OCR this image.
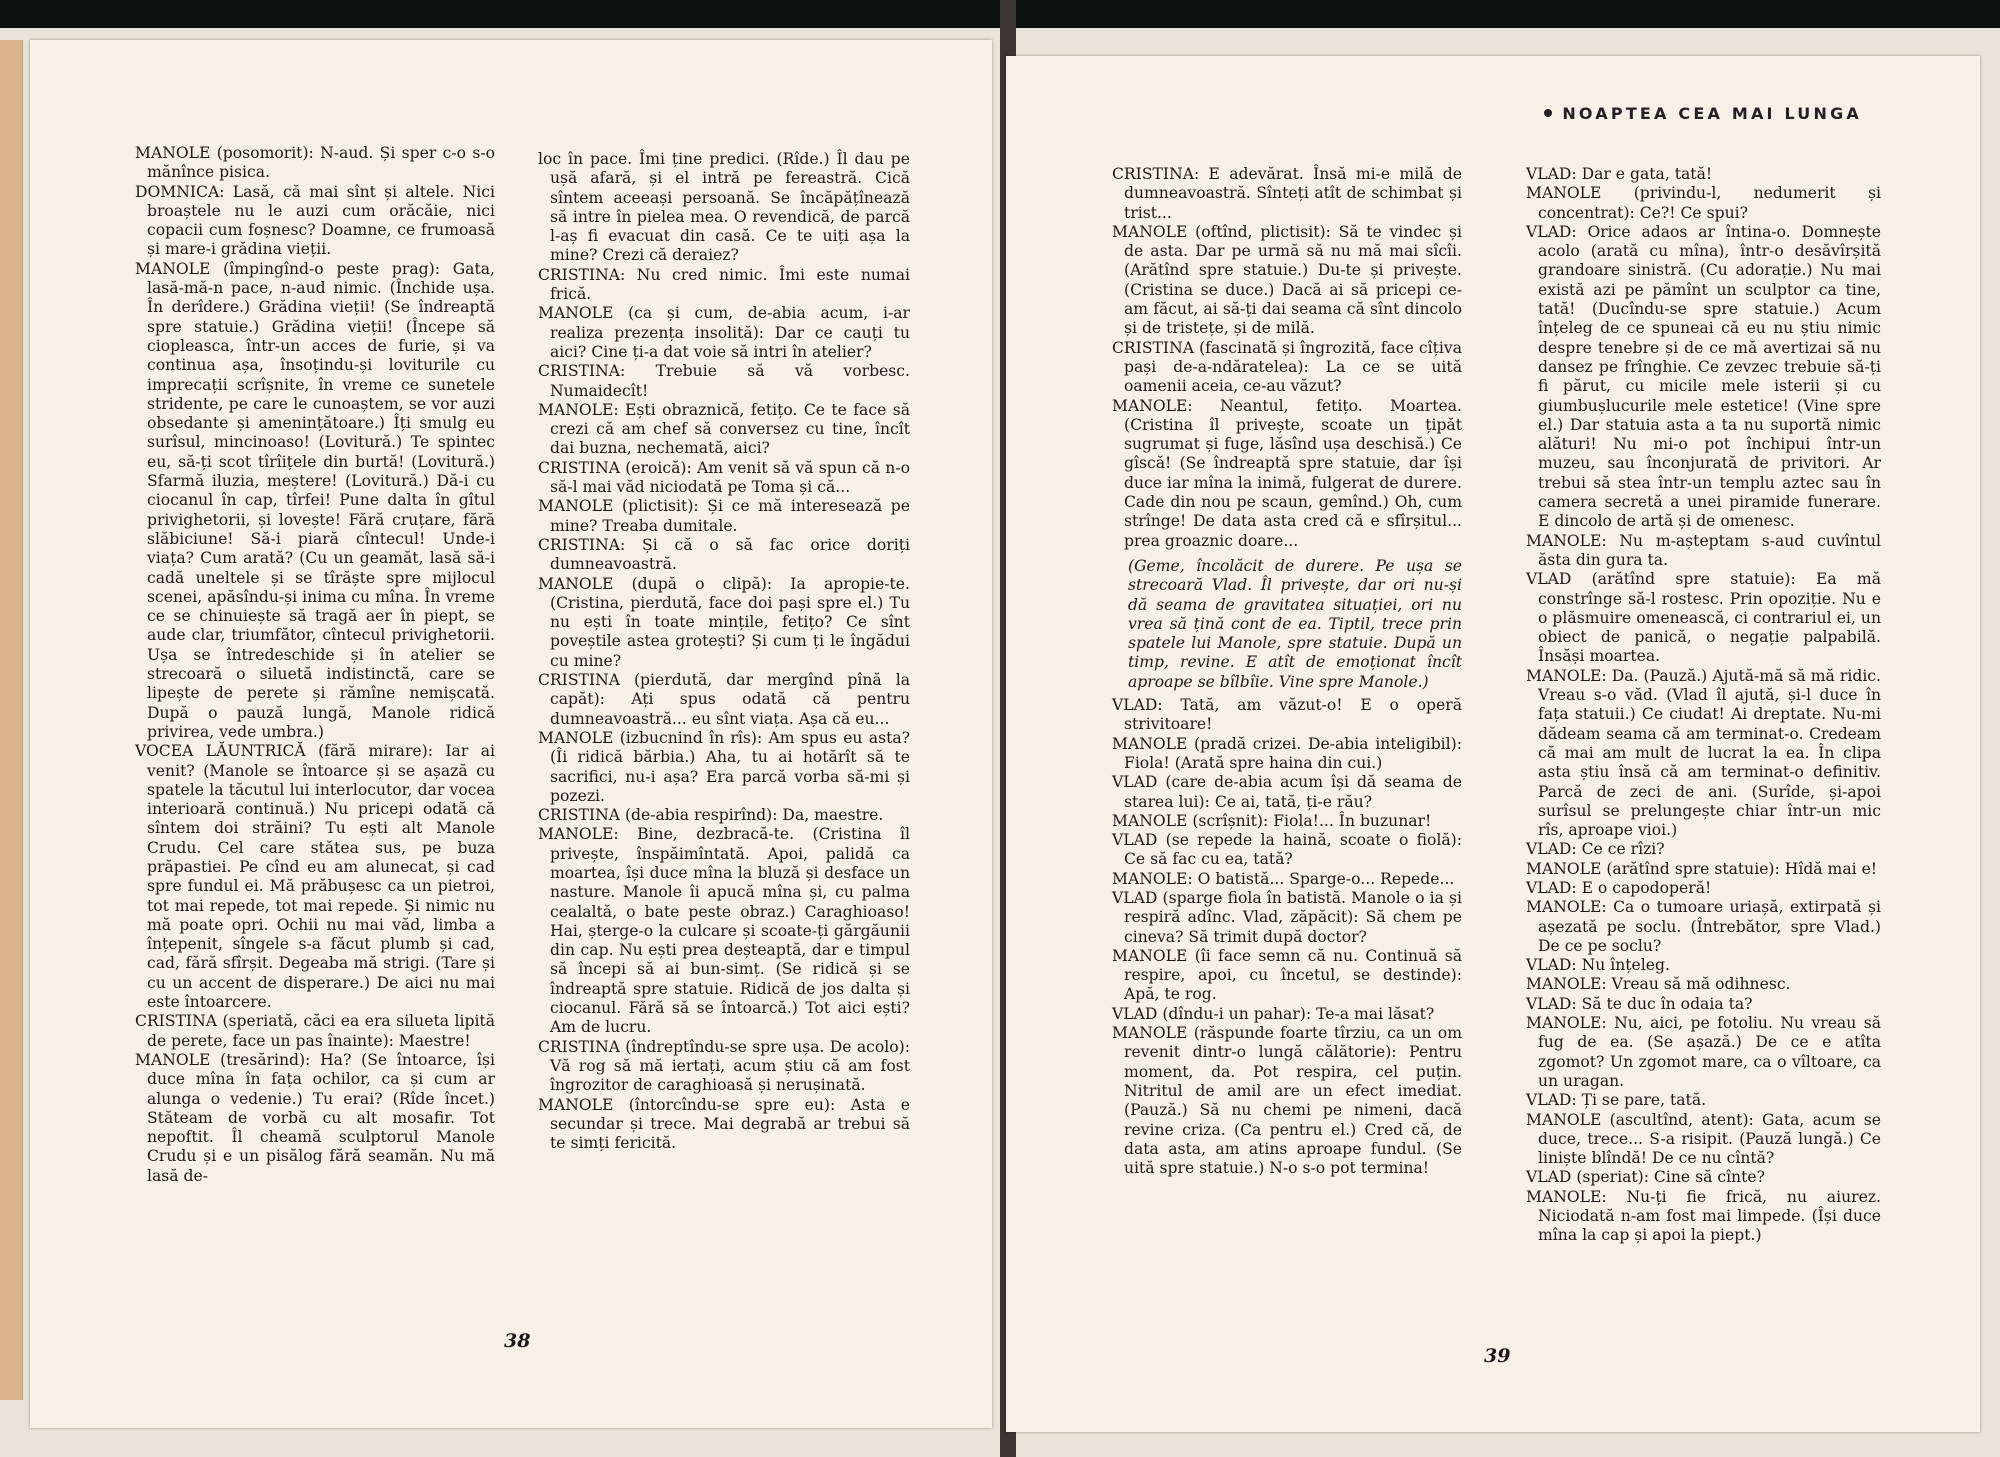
MANOLE (posomorit): N-aud. Și sper c-o s-o mănînce pisica.

DOMNICA: Lasă, că mai sînt și altele. Nici broaștele nu le auzi cum orăcăie, nici copacii cum foșnesc? Doamne, ce frumoasă și mare-i grădina vieții.

MANOLE (împingînd-o peste prag): Gata, lasă-mă-n pace, n-aud nimic. (Închide ușa. În derîdere.) Grădina vieții! (Se îndreaptă spre statuie.) Grădina vieții! (Începe să ciopleasca, într-un acces de furie, și va continua așa, însoțindu-și loviturile cu imprecații scrîșnite, în vreme ce sunetele stridente, pe care le cunoaștem, se vor auzi obsedante și amenințătoare.) Îți smulg eu surîsul, mincinoaso! (Lovitură.) Te spintec eu, să-ți scot tîrîițele din burtă! (Lovitură.) Sfarmă iluzia, meștere! (Lovitură.) Dă-i cu ciocanul în cap, tîrfei! Pune dalta în gîtul privighetorii, și lovește! Fără cruțare, fără slăbiciune! Să-i piară cîntecul! Unde-i viața? Cum arată? (Cu un geamăt, lasă să-i cadă uneltele și se tîrăște spre mijlocul scenei, apăsîndu-și inima cu mîna. În vreme ce se chinuiește să tragă aer în piept, se aude clar, triumfător, cîntecul privighetorii. Ușa se întredeschide și în atelier se strecoară o siluetă indistinctă, care se lipește de perete și rămîne nemișcată. După o pauză lungă, Manole ridică privirea, vede umbra.)

VOCEA LĂUNTRICĂ (fără mirare): Iar ai venit? (Manole se întoarce și se așază cu spatele la tăcutul lui interlocutor, dar vocea interioară continuă.) Nu pricepi odată că sîntem doi străini? Tu ești alt Manole Crudu. Cel care stătea sus, pe buza prăpastiei. Pe cînd eu am alunecat, și cad spre fundul ei. Mă prăbușesc ca un pietroi, tot mai repede, tot mai repede. Și nimic nu mă poate opri. Ochii nu mai văd, limba a înțepenit, sîngele s-a făcut plumb și cad, cad, fără sfîrșit. Degeaba mă strigi. (Tare și cu un accent de disperare.) De aici nu mai este întoarcere.

CRISTINA (speriată, căci ea era silueta lipită de perete, face un pas înainte): Maestre!

MANOLE (tresărind): Ha? (Se întoarce, își duce mîna în fața ochilor, ca și cum ar alunga o vedenie.) Tu erai? (Rîde încet.) Stăteam de vorbă cu alt mosafir. Tot nepoftit. Îl cheamă sculptorul Manole Crudu și e un pisălog fără seamăn. Nu mă lasă de-

loc în pace. Îmi ține predici. (Rîde.) Îl dau pe ușă afară, și el intră pe fereastră. Cică sîntem aceeași persoană. Se încăpățînează să intre în pielea mea. O revendică, de parcă l-aș fi evacuat din casă. Ce te uiți așa la mine? Crezi că deraiez?

CRISTINA: Nu cred nimic. Îmi este numai frică.

MANOLE (ca și cum, de-abia acum, i-ar realiza prezența insolită): Dar ce cauți tu aici? Cine ți-a dat voie să intri în atelier?

CRISTINA: Trebuie să vă vorbesc. Numaidecît!

MANOLE: Ești obraznică, fetițo. Ce te face să crezi că am chef să conversez cu tine, încît dai buzna, nechemată, aici?

CRISTINA (eroică): Am venit să vă spun că n-o să-l mai văd niciodată pe Toma și că...

MANOLE (plictisit): Și ce mă interesează pe mine? Treaba dumitale.

CRISTINA: Și că o să fac orice doriți dumneavoastră.

MANOLE (după o clipă): Ia apropie-te. (Cristina, pierdută, face doi pași spre el.) Tu nu ești în toate mințile, fetițo? Ce sînt poveștile astea grotești? Și cum ți le îngădui cu mine?

CRISTINA (pierdută, dar mergînd pînă la capăt): Ați spus odată că pentru dumneavoastră... eu sînt viața. Așa că eu...

MANOLE (izbucnind în rîs): Am spus eu asta? (Îi ridică bărbia.) Aha, tu ai hotărît să te sacrifici, nu-i așa? Era parcă vorba să-mi și pozezi.

CRISTINA (de-abia respirînd): Da, maestre.

MANOLE: Bine, dezbracă-te. (Cristina îl privește, înspăimîntată. Apoi, palidă ca moartea, își duce mîna la bluză și desface un nasture. Manole îi apucă mîna și, cu palma cealaltă, o bate peste obraz.) Caraghioaso! Hai, șterge-o la culcare și scoate-ți gărgăunii din cap. Nu ești prea deșteaptă, dar e timpul să începi să ai bun-simț. (Se ridică și se îndreaptă spre statuie. Ridică de jos dalta și ciocanul. Fără să se întoarcă.) Tot aici ești? Am de lucru.

CRISTINA (îndreptîndu-se spre ușa. De acolo): Vă rog să mă iertați, acum știu că am fost îngrozitor de caraghioasă și nerușinată.

MANOLE (întorcîndu-se spre eu): Asta e secundar și trece. Mai degrabă ar trebui să te simți fericită.

38
NOAPTEA CEA MAI LUNGA

CRISTINA: E adevărat. Însă mi-e milă de dumneavoastră. Sînteți atît de schimbat și trist...

MANOLE (oftînd, plictisit): Să te vindec și de asta. Dar pe urmă să nu mă mai sîcîi. (Arătînd spre statuie.) Du-te și privește. (Cristina se duce.) Dacă ai să pricepi ce-am făcut, ai să-ți dai seama că sînt dincolo și de tristețe, și de milă.

CRISTINA (fascinată și îngrozită, face cîțiva pași de-a-ndăratelea): La ce se uită oamenii aceia, ce-au văzut?

MANOLE: Neantul, fetițo. Moartea. (Cristina îl privește, scoate un țipăt sugrumat și fuge, lăsînd ușa deschisă.) Ce gîscă! (Se îndreaptă spre statuie, dar își duce iar mîna la inimă, fulgerat de durere. Cade din nou pe scaun, gemînd.) Oh, cum strînge! De data asta cred că e sfîrșitul... prea groaznic doare...

(Geme, încolăcit de durere. Pe ușa se strecoară Vlad. Îl privește, dar ori nu-și dă seama de gravitatea situației, ori nu vrea să țină cont de ea. Tiptil, trece prin spatele lui Manole, spre statuie. După un timp, revine. E atît de emoționat încît aproape se bîlbîie. Vine spre Manole.)

VLAD: Tată, am văzut-o! E o operă strivitoare!

MANOLE (pradă crizei. De-abia inteligibil): Fiola! (Arată spre haina din cui.)

VLAD (care de-abia acum își dă seama de starea lui): Ce ai, tată, ți-e rău?

MANOLE (scrîșnit): Fiola!... În buzunar!

VLAD (se repede la haină, scoate o fiolă): Ce să fac cu ea, tată?

MANOLE: O batistă... Sparge-o... Repede...

VLAD (sparge fiola în batistă. Manole o ia și respiră adînc. Vlad, zăpăcit): Să chem pe cineva? Să trimit după doctor?

MANOLE (îi face semn că nu. Continuă să respire, apoi, cu încetul, se destinde): Apă, te rog.

VLAD (dîndu-i un pahar): Te-a mai lăsat?

MANOLE (răspunde foarte tîrziu, ca un om revenit dintr-o lungă călătorie): Pentru moment, da. Pot respira, cel puțin. Nitritul de amil are un efect imediat. (Pauză.) Să nu chemi pe nimeni, dacă revine criza. (Ca pentru el.) Cred că, de data asta, am atins aproape fundul. (Se uită spre statuie.) N-o s-o pot termina!

VLAD: Dar e gata, tată!

MANOLE (privindu-l, nedumerit și concentrat): Ce?! Ce spui?

VLAD: Orice adaos ar întina-o. Domnește acolo (arată cu mîna), într-o desăvîrșită grandoare sinistră. (Cu adorație.) Nu mai există azi pe pămînt un sculptor ca tine, tată! (Ducîndu-se spre statuie.) Acum înțeleg de ce spuneai că eu nu știu nimic despre tenebre și de ce mă avertizai să nu dansez pe frînghie. Ce zevzec trebuie să-ți fi părut, cu micile mele isterii și cu giumbușlucurile mele estetice! (Vine spre el.) Dar statuia asta a ta nu suportă nimic alături! Nu mi-o pot închipui într-un muzeu, sau înconjurată de privitori. Ar trebui să stea într-un templu aztec sau în camera secretă a unei piramide funerare. E dincolo de artă și de omenesc.

MANOLE: Nu m-așteptam s-aud cuvîntul ăsta din gura ta.

VLAD (arătînd spre statuie): Ea mă constrînge să-l rostesc. Prin opoziție. Nu e o plăsmuire omenească, ci contrariul ei, un obiect de panică, o negație palpabilă. Însăși moartea.

MANOLE: Da. (Pauză.) Ajută-mă să mă ridic. Vreau s-o văd. (Vlad îl ajută, și-l duce în fața statuii.) Ce ciudat! Ai dreptate. Nu-mi dădeam seama că am terminat-o. Credeam că mai am mult de lucrat la ea. În clipa asta știu însă că am terminat-o definitiv. Parcă de zeci de ani. (Surîde, și-apoi surîsul se prelungește chiar într-un mic rîs, aproape vioi.)

VLAD: Ce ce rîzi?

MANOLE (arătînd spre statuie): Hîdă mai e!

VLAD: E o capodoperă!

MANOLE: Ca o tumoare uriașă, extirpată și așezată pe soclu. (Întrebător, spre Vlad.) De ce pe soclu?

VLAD: Nu înțeleg.

MANOLE: Vreau să mă odihnesc.

VLAD: Să te duc în odaia ta?

MANOLE: Nu, aici, pe fotoliu. Nu vreau să fug de ea. (Se așază.) De ce e atîta zgomot? Un zgomot mare, ca o vîltoare, ca un uragan.

VLAD: Ți se pare, tată.

MANOLE (ascultînd, atent): Gata, acum se duce, trece... S-a risipit. (Pauză lungă.) Ce liniște blîndă! De ce nu cîntă?

VLAD (speriat): Cine să cînte?

MANOLE: Nu-ți fie frică, nu aiurez. Niciodată n-am fost mai limpede. (Își duce mîna la cap și apoi la piept.)

39
